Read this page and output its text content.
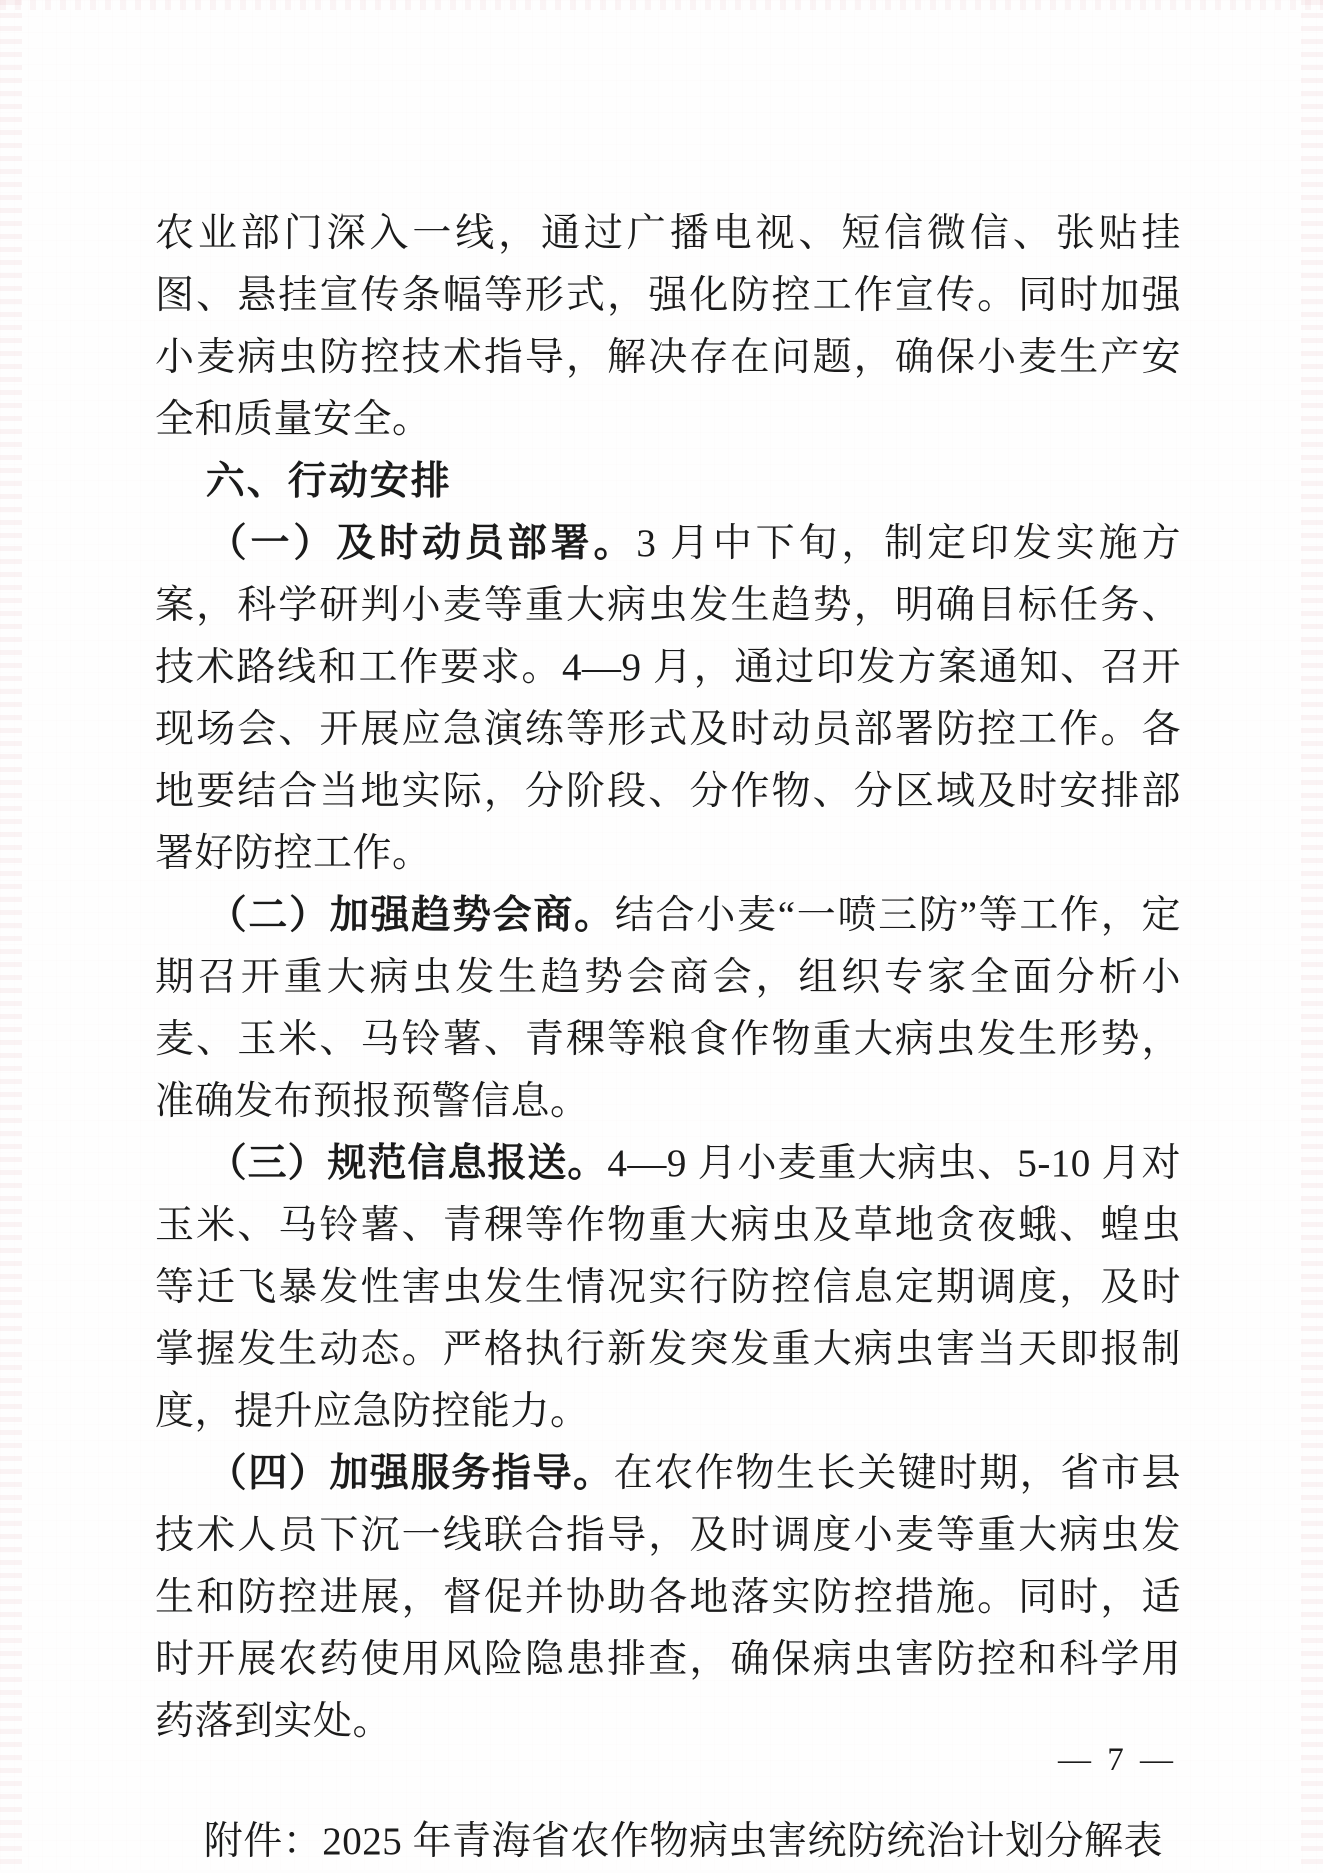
农业部门深入一线，通过广播电视、短信微信、张贴挂图、悬挂宣传条幅等形式，强化防控工作宣传。同时加强小麦病虫防控技术指导，解决存在问题，确保小麦生产安全和质量安全。

六、行动安排

（一）及时动员部署。3 月中下旬，制定印发实施方案，科学研判小麦等重大病虫发生趋势，明确目标任务、技术路线和工作要求。4—9 月，通过印发方案通知、召开现场会、开展应急演练等形式及时动员部署防控工作。各地要结合当地实际，分阶段、分作物、分区域及时安排部署好防控工作。

（二）加强趋势会商。结合小麦“一喷三防”等工作，定期召开重大病虫发生趋势会商会，组织专家全面分析小麦、玉米、马铃薯、青稞等粮食作物重大病虫发生形势，准确发布预报预警信息。

（三）规范信息报送。4—9 月小麦重大病虫、5-10 月对玉米、马铃薯、青稞等作物重大病虫及草地贪夜蛾、蝗虫等迁飞暴发性害虫发生情况实行防控信息定期调度，及时掌握发生动态。严格执行新发突发重大病虫害当天即报制度，提升应急防控能力。

（四）加强服务指导。在农作物生长关键时期，省市县技术人员下沉一线联合指导，及时调度小麦等重大病虫发生和防控进展，督促并协助各地落实防控措施。同时，适时开展农药使用风险隐患排查，确保病虫害防控和科学用药落到实处。

附件：2025 年青海省农作物病虫害统防统治计划分解表

— 7 —
